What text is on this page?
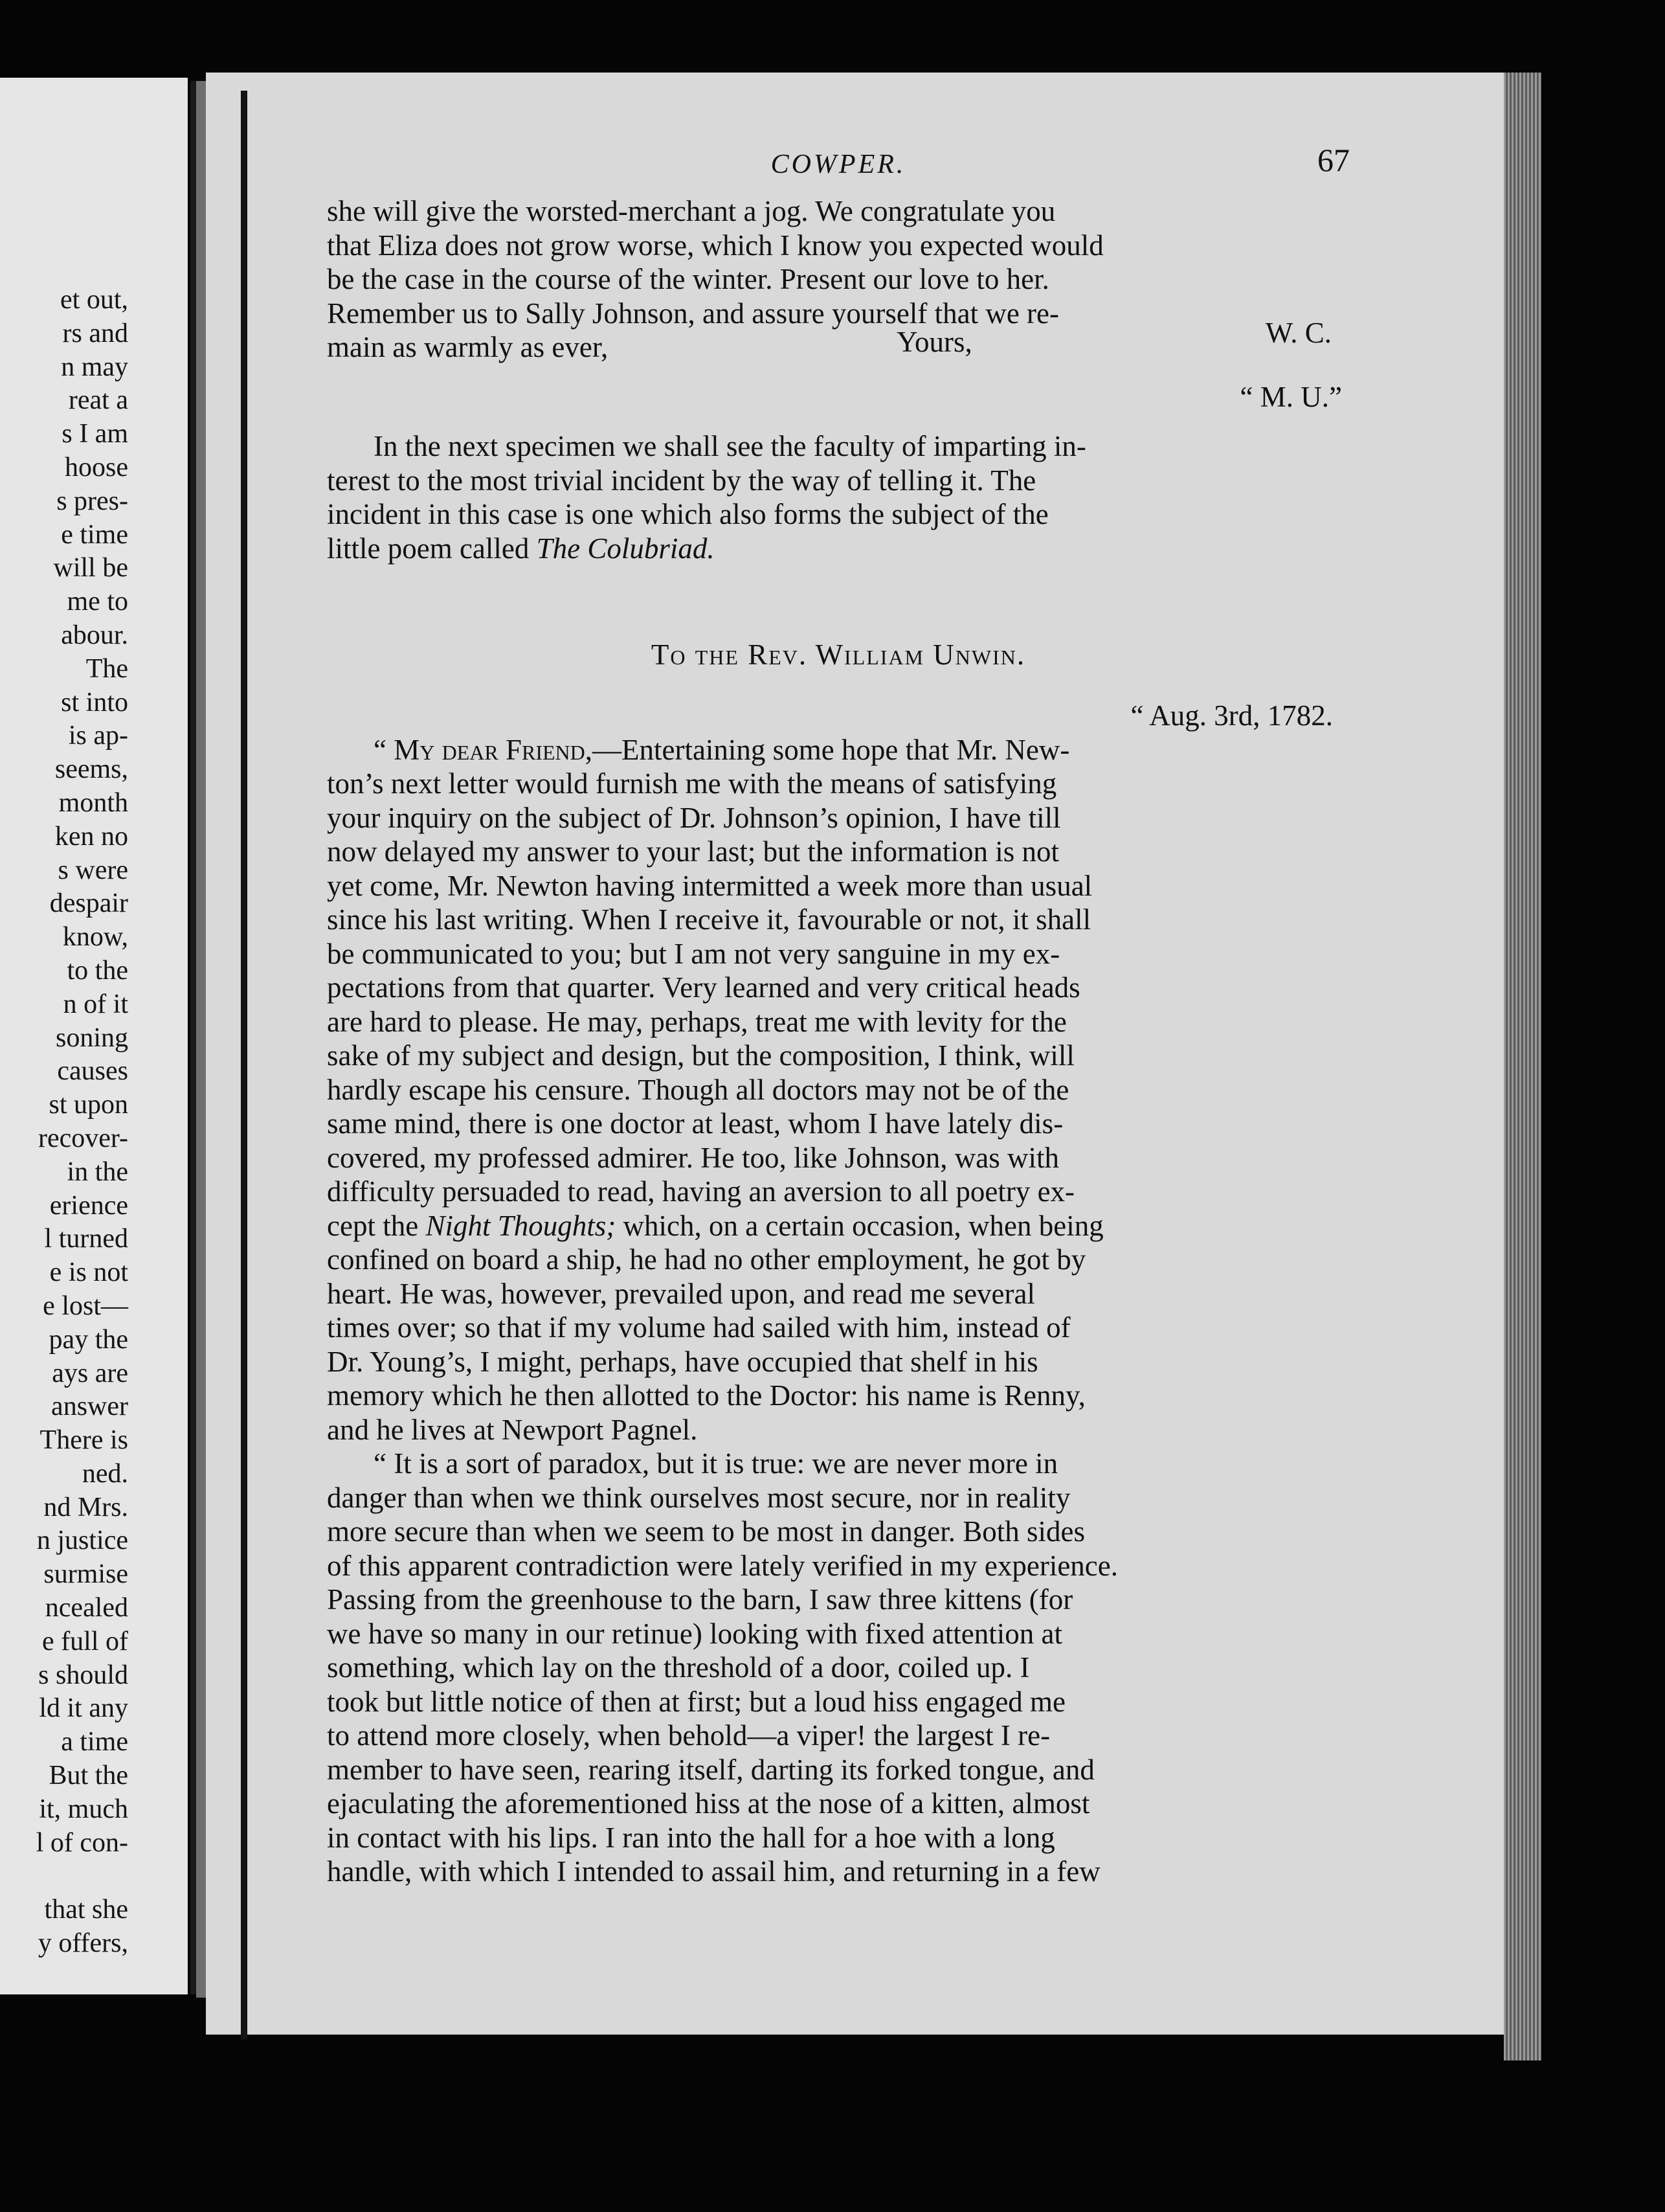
et out,
rs and
n may
reat a
s I am
hoose
s pres-
e time
will be
me to
abour.
The
st into
is ap-
seems,
month
ken no
s were
despair
know,
to the
n of it
soning
causes
st upon
recover-
in the
erience
l turned
e is not
e lost—
pay the
ays are
answer
There is
ned.
nd Mrs.
n justice
surmise
ncealed
e full of
s should
ld it any
a time
But the
it, much
l of con-
that she
y offers,
COWPER.	67
she will give the worsted-merchant a jog. We congratulate you
that Eliza does not grow worse, which I know you expected would
be the case in the course of the winter. Present our love to her.
Remember us to Sally Johnson, and assure yourself that we re-
main as warmly as ever,	Yours,	W. C.
“ M. U.”
In the next specimen we shall see the faculty of imparting in-
terest to the most trivial incident by the way of telling it. The
incident in this case is one which also forms the subject of the
little poem called The Colubriad.
To the Rev. William Unwin.

“ Aug. 3rd, 1782.

“ My dear Friend,—Entertaining some hope that Mr. New-
ton’s next letter would furnish me with the means of satisfying
your inquiry on the subject of Dr. Johnson’s opinion, I have till
now delayed my answer to your last; but the information is not
yet come, Mr. Newton having intermitted a week more than usual
since his last writing. When I receive it, favourable or not, it shall
be communicated to you; but I am not very sanguine in my ex-
pectations from that quarter. Very learned and very critical heads
are hard to please. He may, perhaps, treat me with levity for the
sake of my subject and design, but the composition, I think, will
hardly escape his censure. Though all doctors may not be of the
same mind, there is one doctor at least, whom I have lately dis-
covered, my professed admirer. He too, like Johnson, was with
difficulty persuaded to read, having an aversion to all poetry ex-
cept the Night Thoughts; which, on a certain occasion, when being
confined on board a ship, he had no other employment, he got by
heart. He was, however, prevailed upon, and read me several
times over; so that if my volume had sailed with him, instead of
Dr. Young’s, I might, perhaps, have occupied that shelf in his
memory which he then allotted to the Doctor: his name is Renny,
and he lives at Newport Pagnel.
“ It is a sort of paradox, but it is true: we are never more in
danger than when we think ourselves most secure, nor in reality
more secure than when we seem to be most in danger. Both sides
of this apparent contradiction were lately verified in my experience.
Passing from the greenhouse to the barn, I saw three kittens (for
we have so many in our retinue) looking with fixed attention at
something, which lay on the threshold of a door, coiled up. I
took but little notice of then at first; but a loud hiss engaged me
to attend more closely, when behold—a viper! the largest I re-
member to have seen, rearing itself, darting its forked tongue, and
ejaculating the aforementioned hiss at the nose of a kitten, almost
in contact with his lips. I ran into the hall for a hoe with a long
handle, with which I intended to assail him, and returning in a few
